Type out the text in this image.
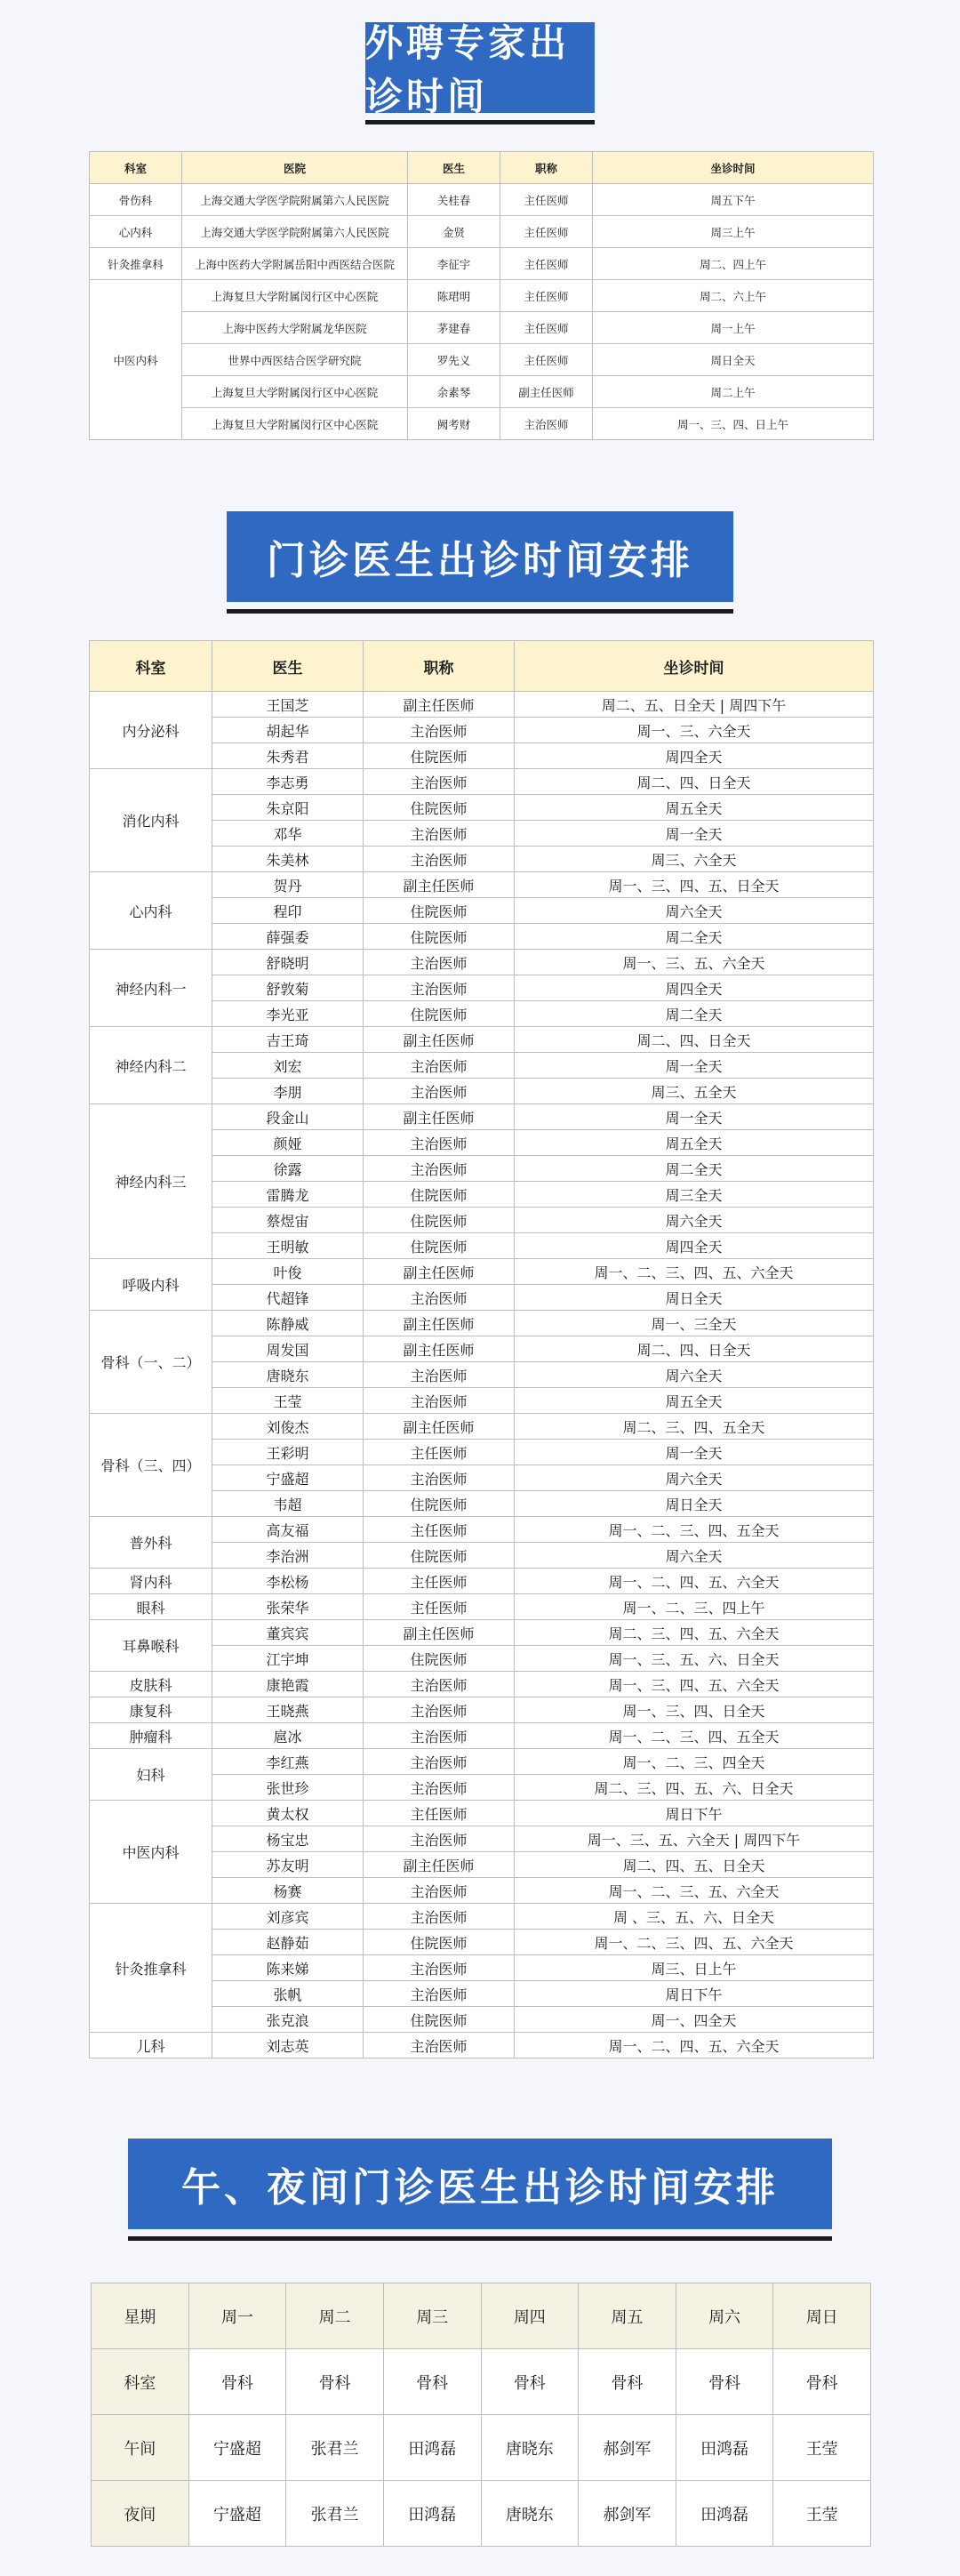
外聘专家出诊时间
科室	医院	医生	职称	坐诊时间
骨伤科	上海交通大学医学院附属第六人民医院	关桂春	主任医师	周五下午
心内科	上海交通大学医学院附属第六人民医院	金贤	主任医师	周三上午
针灸推拿科	上海中医药大学附属岳阳中西医结合医院	李征宇	主任医师	周二、四上午
中医内科	上海复旦大学附属闵行区中心医院	陈珺明	主任医师	周二、六上午
	上海中医药大学附属龙华医院	茅建春	主任医师	周一上午
	世界中西医结合医学研究院	罗先义	主任医师	周日全天
	上海复旦大学附属闵行区中心医院	余素琴	副主任医师	周二上午
	上海复旦大学附属闵行区中心医院	阙考财	主治医师	周一、三、四、日上午
门诊医生出诊时间安排
科室	医生	职称	坐诊时间
内分泌科	王国芝	副主任医师	周二、五、日全天 | 周四下午
	胡起华	主治医师	周一、三、六全天
	朱秀君	住院医师	周四全天
消化内科	李志勇	主治医师	周二、四、日全天
	朱京阳	住院医师	周五全天
	邓华	主治医师	周一全天
	朱美林	主治医师	周三、六全天
心内科	贺丹	副主任医师	周一、三、四、五、日全天
	程印	住院医师	周六全天
	薛强委	住院医师	周二全天
神经内科一	舒晓明	主治医师	周一、三、五、六全天
	舒敦菊	主治医师	周四全天
	李光亚	住院医师	周二全天
神经内科二	吉王琦	副主任医师	周二、四、日全天
	刘宏	主治医师	周一全天
	李朋	主治医师	周三、五全天
神经内科三	段金山	副主任医师	周一全天
	颜娅	主治医师	周五全天
	徐露	主治医师	周二全天
	雷腾龙	住院医师	周三全天
	蔡煜宙	住院医师	周六全天
	王明敏	住院医师	周四全天
呼吸内科	叶俊	副主任医师	周一、二、三、四、五、六全天
	代超锋	主治医师	周日全天
骨科（一、二）	陈静威	副主任医师	周一、三全天
	周发国	副主任医师	周二、四、日全天
	唐晓东	主治医师	周六全天
	王莹	主治医师	周五全天
骨科（三、四）	刘俊杰	副主任医师	周二、三、四、五全天
	王彩明	主任医师	周一全天
	宁盛超	主治医师	周六全天
	韦超	住院医师	周日全天
普外科	高友福	主任医师	周一、二、三、四、五全天
	李治洲	住院医师	周六全天
肾内科	李松杨	主任医师	周一、二、四、五、六全天
眼科	张荣华	主任医师	周一、二、三、四上午
耳鼻喉科	董宾宾	副主任医师	周二、三、四、五、六全天
	江宇坤	住院医师	周一、三、五、六、日全天
皮肤科	康艳霞	主治医师	周一、三、四、五、六全天
康复科	王晓燕	主治医师	周一、三、四、日全天
肿瘤科	扈冰	主治医师	周一、二、三、四、五全天
妇科	李红燕	主治医师	周一、二、三、四全天
	张世珍	主治医师	周二、三、四、五、六、日全天
中医内科	黄太权	主任医师	周日下午
	杨宝忠	主治医师	周一、三、五、六全天 | 周四下午
	苏友明	副主任医师	周二、四、五、日全天
	杨赛	主治医师	周一、二、三、五、六全天
针灸推拿科	刘彦宾	主治医师	周 、三、五、六、日全天
	赵静茹	住院医师	周一、二、三、四、五、六全天
	陈来娣	主治医师	周三、日上午
	张帆	主治医师	周日下午
	张克浪	住院医师	周一、四全天
儿科	刘志英	主治医师	周一、二、四、五、六全天
午、夜间门诊医生出诊时间安排
星期	周一	周二	周三	周四	周五	周六	周日
科室	骨科	骨科	骨科	骨科	骨科	骨科	骨科
午间	宁盛超	张君兰	田鸿磊	唐晓东	郝剑军	田鸿磊	王莹
夜间	宁盛超	张君兰	田鸿磊	唐晓东	郝剑军	田鸿磊	王莹
